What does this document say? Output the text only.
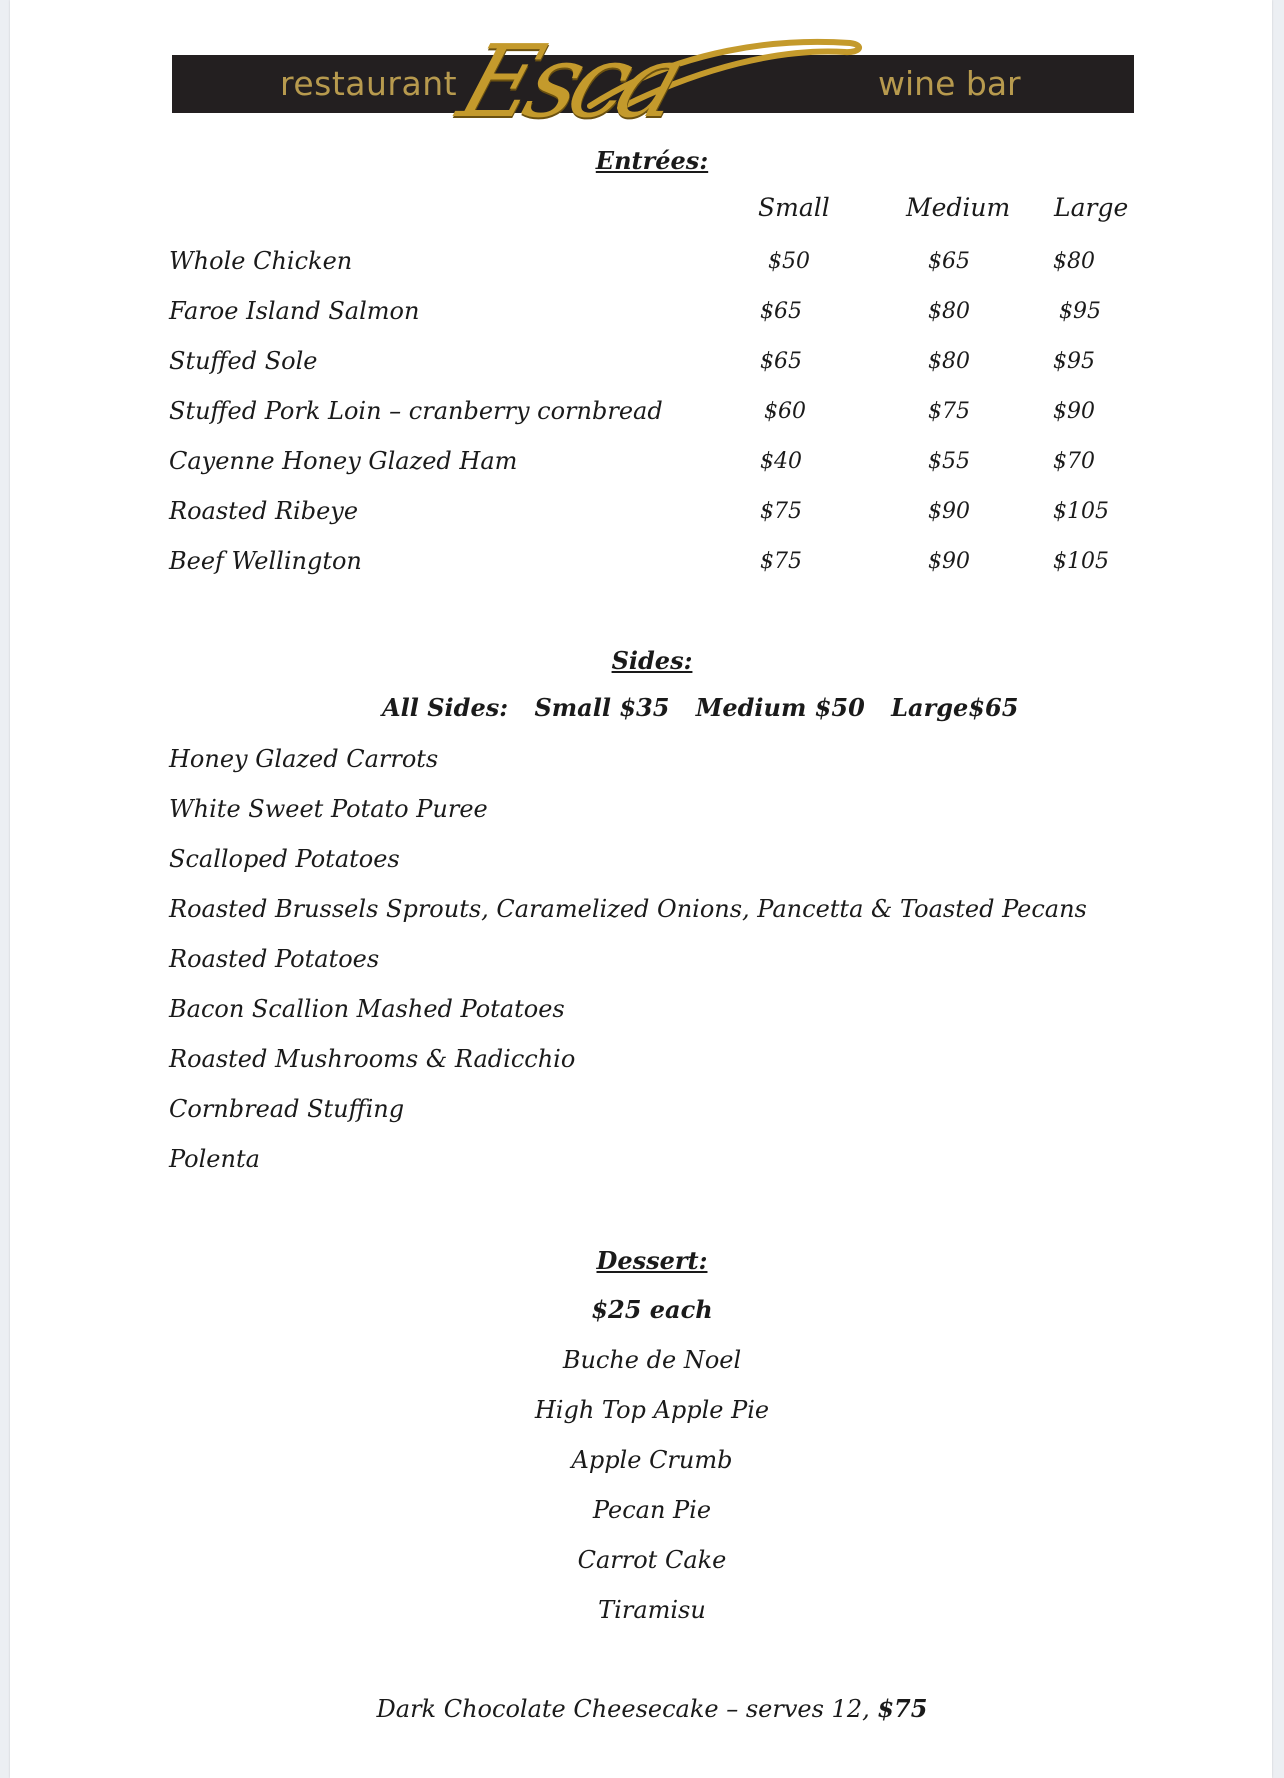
restaurant	wine bar
Esca
Entrées:
Small	Medium Large
Whole Chicken	$50	$65	$80
Faroe Island Salmon	$65	$80	$95
Stuffed Sole	$65	$80	$95
Stuffed Pork Loin – cranberry cornbread	$60	$75	$90
Cayenne Honey Glazed Ham	$40	$55	$70
Roasted Ribeye	$75	$90	$105
Beef Wellington	$75	$90	$105
Sides:
All Sides: Small $35 Medium $50 Large$65
Honey Glazed Carrots
White Sweet Potato Puree
Scalloped Potatoes
Roasted Brussels Sprouts, Caramelized Onions, Pancetta & Toasted Pecans
Roasted Potatoes
Bacon Scallion Mashed Potatoes
Roasted Mushrooms & Radicchio
Cornbread Stuffing
Polenta
Dessert:
$25 each
Buche de Noel
High Top Apple Pie
Apple Crumb
Pecan Pie
Carrot Cake
Tiramisu
Dark Chocolate Cheesecake – serves 12, $75
